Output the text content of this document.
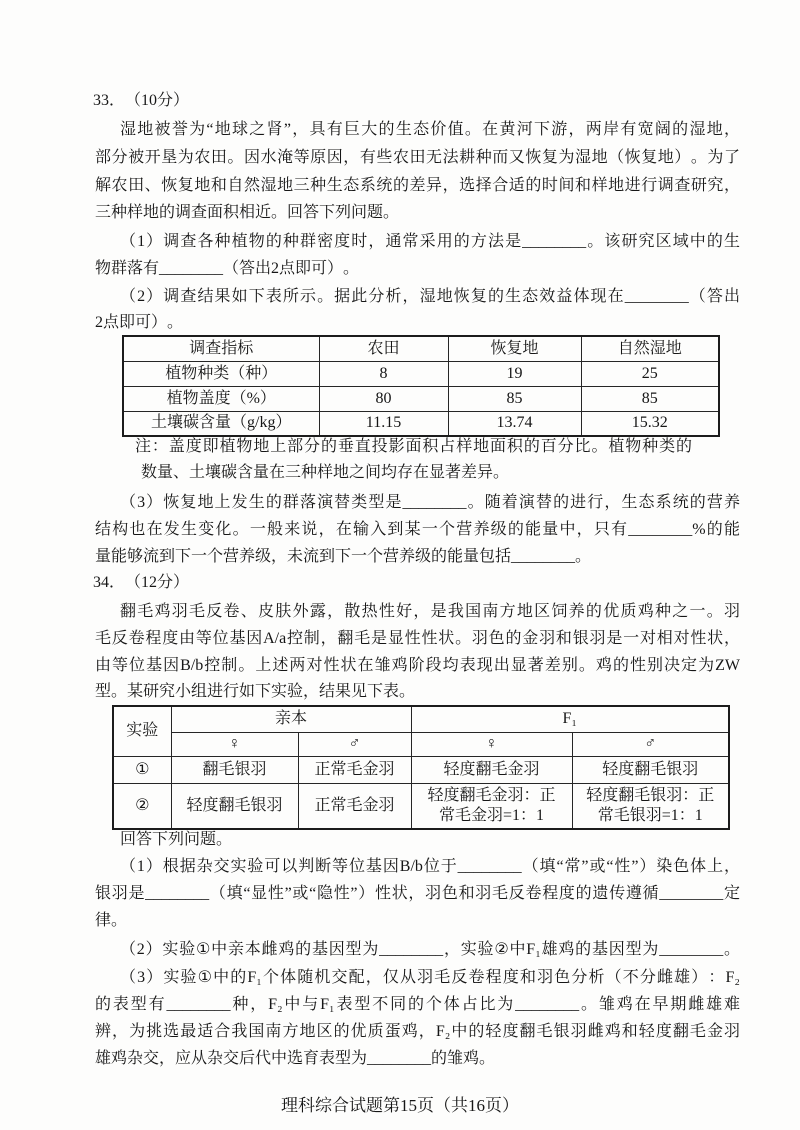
33．（10分）
湿地被誉为“地球之肾”，具有巨大的生态价值。在黄河下游，两岸有宽阔的湿地，
部分被开垦为农田。因水淹等原因，有些农田无法耕种而又恢复为湿地（恢复地）。为了
解农田、恢复地和自然湿地三种生态系统的差异，选择合适的时间和样地进行调查研究，
三种样地的调查面积相近。回答下列问题。
（1）调查各种植物的种群密度时，通常采用的方法是________。该研究区域中的生
物群落有________（答出2点即可）。
（2）调查结果如下表所示。据此分析，湿地恢复的生态效益体现在________（答出
2点即可）。
调查指标	农田	恢复地	自然湿地
植物种类（种）	8	19	25
植物盖度（%）	80	85	85
土壤碳含量（g/kg）	11.15	13.74	15.32
注：盖度即植物地上部分的垂直投影面积占样地面积的百分比。植物种类的
数量、土壤碳含量在三种样地之间均存在显著差异。
（3）恢复地上发生的群落演替类型是________。随着演替的进行，生态系统的营养
结构也在发生变化。一般来说，在输入到某一个营养级的能量中，只有________%的能
量能够流到下一个营养级，未流到下一个营养级的能量包括________。
34．（12分）
翻毛鸡羽毛反卷、皮肤外露，散热性好，是我国南方地区饲养的优质鸡种之一。羽
毛反卷程度由等位基因A/a控制，翻毛是显性性状。羽色的金羽和银羽是一对相对性状，
由等位基因B/b控制。上述两对性状在雏鸡阶段均表现出显著差别。鸡的性别决定为ZW
型。某研究小组进行如下实验，结果见下表。
实验	亲本		F₁	
	♀	♂	♀	♂
①	翻毛银羽	正常毛金羽	轻度翻毛金羽	轻度翻毛银羽
②	轻度翻毛银羽	正常毛金羽	轻度翻毛金羽：正常毛金羽=1：1	轻度翻毛银羽：正常毛银羽=1：1
回答下列问题。
（1）根据杂交实验可以判断等位基因B/b位于________（填“常”或“性”）染色体上，
银羽是________（填“显性”或“隐性”）性状，羽色和羽毛反卷程度的遗传遵循________定
律。
（2）实验①中亲本雌鸡的基因型为________，实验②中F₁雄鸡的基因型为________。
（3）实验①中的F₁个体随机交配，仅从羽毛反卷程度和羽色分析（不分雌雄）：F₂
的表型有________种，F₂中与F₁表型不同的个体占比为________。雏鸡在早期雌雄难
辨，为挑选最适合我国南方地区的优质蛋鸡，F₂中的轻度翻毛银羽雌鸡和轻度翻毛金羽
雄鸡杂交，应从杂交后代中选育表型为________的雏鸡。
理科综合试题第15页（共16页）
